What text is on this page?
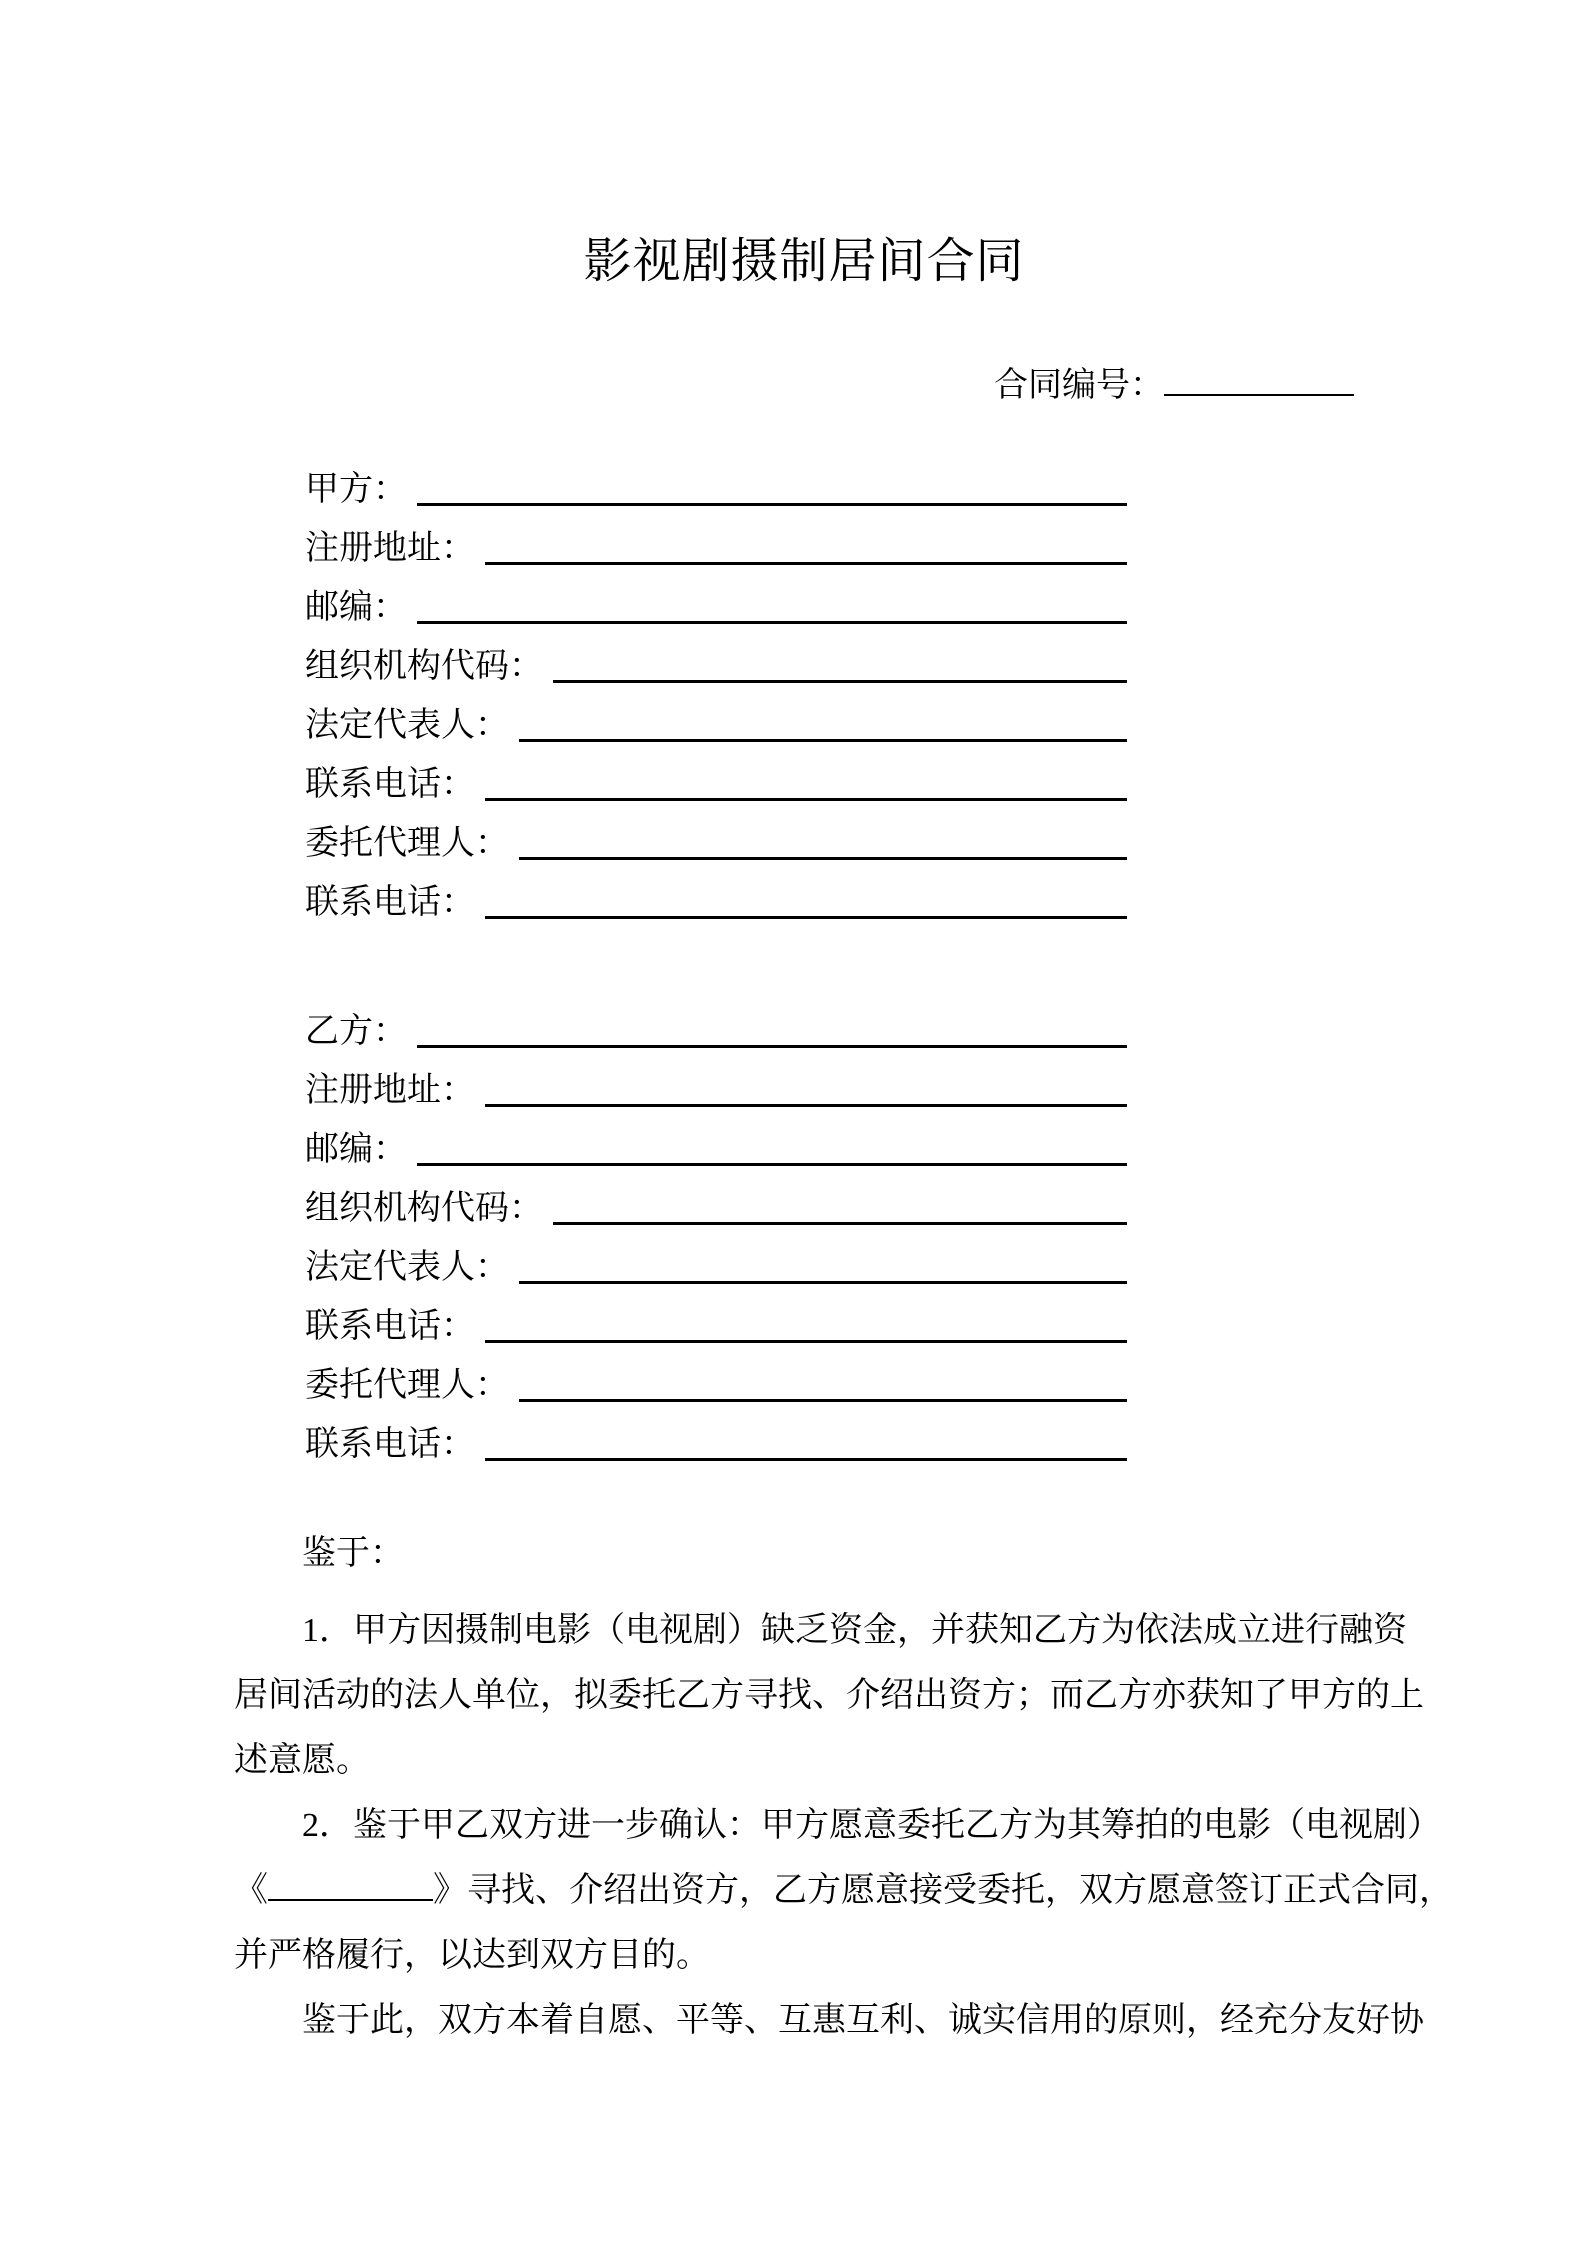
影视剧摄制居间合同
合同编号：
甲方：
注册地址：
邮编：
组织机构代码：
法定代表人：
联系电话：
委托代理人：
联系电话：
乙方：
注册地址：
邮编：
组织机构代码：
法定代表人：
联系电话：
委托代理人：
联系电话：
鉴于：
1．甲方因摄制电影（电视剧）缺乏资金，并获知乙方为依法成立进行融资
居间活动的法人单位，拟委托乙方寻找、介绍出资方；而乙方亦获知了甲方的上
述意愿。
2．鉴于甲乙双方进一步确认：甲方愿意委托乙方为其筹拍的电影（电视剧）
《	》寻找、介绍出资方，乙方愿意接受委托，双方愿意签订正式合同，
并严格履行，以达到双方目的。
鉴于此，双方本着自愿、平等、互惠互利、诚实信用的原则，经充分友好协
